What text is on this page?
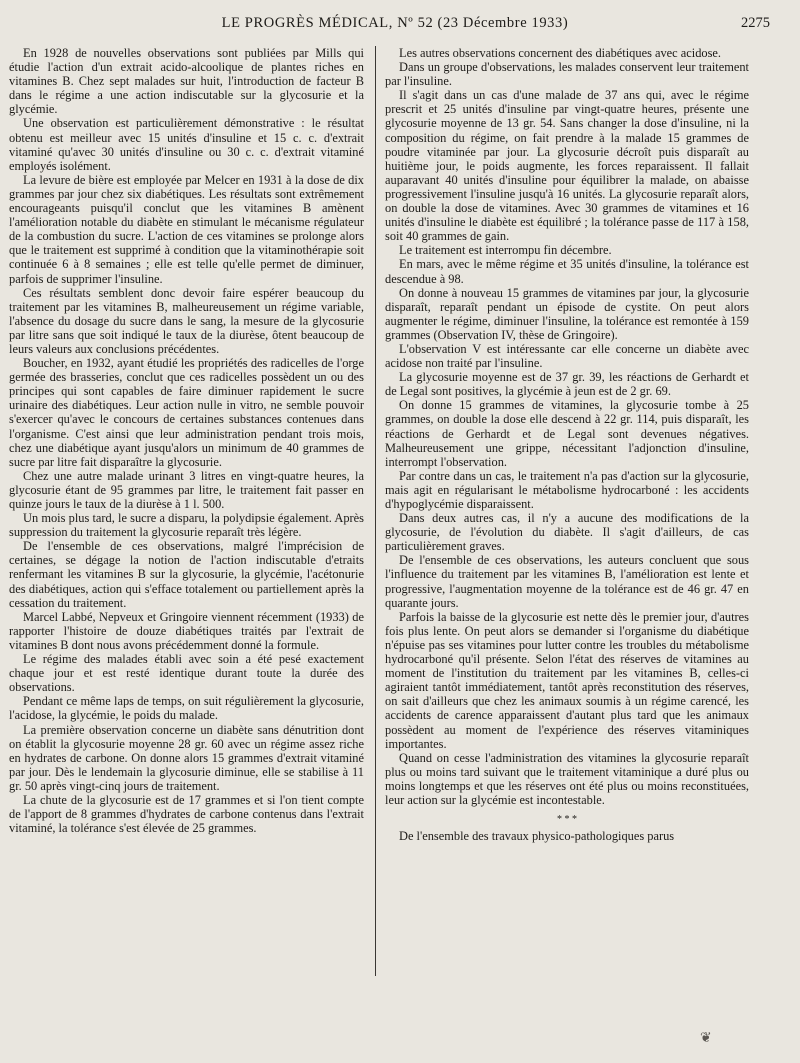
LE PROGRÈS MÉDICAL, Nº 52 (23 Décembre 1933)	2275

En 1928 de nouvelles observations sont publiées par Mills qui étudie l'action d'un extrait acido-alcoolique de plantes riches en vitamines B. Chez sept malades sur huit, l'introduction de facteur B dans le régime a une action indiscutable sur la glycosurie et la glycémie.

Une observation est particulièrement démonstrative : le résultat obtenu est meilleur avec 15 unités d'insuline et 15 c. c. d'extrait vitaminé qu'avec 30 unités d'insuline ou 30 c. c. d'extrait vitaminé employés isolément.

La levure de bière est employée par Melcer en 1931 à la dose de dix grammes par jour chez six diabétiques. Les résultats sont extrêmement encourageants puisqu'il conclut que les vitamines B amènent l'amélioration notable du diabète en stimulant le mécanisme régulateur de la combustion du sucre. L'action de ces vitamines se prolonge alors que le traitement est supprimé à condition que la vitaminothérapie soit continuée 6 à 8 semaines ; elle est telle qu'elle permet de diminuer, parfois de supprimer l'insuline.

Ces résultats semblent donc devoir faire espérer beaucoup du traitement par les vitamines B, malheureusement un régime variable, l'absence du dosage du sucre dans le sang, la mesure de la glycosurie par litre sans que soit indiqué le taux de la diurèse, ôtent beaucoup de leurs valeurs aux conclusions précédentes.

Boucher, en 1932, ayant étudié les propriétés des radicelles de l'orge germée des brasseries, conclut que ces radicelles possèdent un ou des principes qui sont capables de faire diminuer rapidement le sucre urinaire des diabétiques. Leur action nulle in vitro, ne semble pouvoir s'exercer qu'avec le concours de certaines substances contenues dans l'organisme. C'est ainsi que leur administration pendant trois mois, chez une diabétique ayant jusqu'alors un minimum de 40 grammes de sucre par litre fait disparaître la glycosurie.

Chez une autre malade urinant 3 litres en vingt-quatre heures, la glycosurie étant de 95 grammes par litre, le traitement fait passer en quinze jours le taux de la diurèse à 1 l. 500.

Un mois plus tard, le sucre a disparu, la polydipsie également. Après suppression du traitement la glycosurie reparaît très légère.

De l'ensemble de ces observations, malgré l'imprécision de certaines, se dégage la notion de l'action indiscutable d'etraits renfermant les vitamines B sur la glycosurie, la glycémie, l'acétonurie des diabétiques, action qui s'efface totalement ou partiellement après la cessation du traitement.

Marcel Labbé, Nepveux et Gringoire viennent récemment (1933) de rapporter l'histoire de douze diabétiques traités par l'extrait de vitamines B dont nous avons précédemment donné la formule.

Le régime des malades établi avec soin a été pesé exactement chaque jour et est resté identique durant toute la durée des observations.

Pendant ce même laps de temps, on suit régulièrement la glycosurie, l'acidose, la glycémie, le poids du malade.

La première observation concerne un diabète sans dénutrition dont on établit la glycosurie moyenne 28 gr. 60 avec un régime assez riche en hydrates de carbone. On donne alors 15 grammes d'extrait vitaminé par jour. Dès le lendemain la glycosurie diminue, elle se stabilise à 11 gr. 50 après vingt-cinq jours de traitement.

La chute de la glycosurie est de 17 grammes et si l'on tient compte de l'apport de 8 grammes d'hydrates de carbone contenus dans l'extrait vitaminé, la tolérance s'est élevée de 25 grammes.

Les autres observations concernent des diabétiques avec acidose.

Dans un groupe d'observations, les malades conservent leur traitement par l'insuline.

Il s'agit dans un cas d'une malade de 37 ans qui, avec le régime prescrit et 25 unités d'insuline par vingt-quatre heures, présente une glycosurie moyenne de 13 gr. 54. Sans changer la dose d'insuline, ni la composition du régime, on fait prendre à la malade 15 grammes de poudre vitaminée par jour. La glycosurie décroît puis disparaît au huitième jour, le poids augmente, les forces reparaissent. Il fallait auparavant 40 unités d'insuline pour équilibrer la malade, on abaisse progressivement l'insuline jusqu'à 16 unités. La glycosurie reparaît alors, on double la dose de vitamines. Avec 30 grammes de vitamines et 16 unités d'insuline le diabète est équilibré ; la tolérance passe de 117 à 158, soit 40 grammes de gain.

Le traitement est interrompu fin décembre.

En mars, avec le même régime et 35 unités d'insuline, la tolérance est descendue à 98.

On donne à nouveau 15 grammes de vitamines par jour, la glycosurie disparaît, reparaît pendant un épisode de cystite. On peut alors augmenter le régime, diminuer l'insuline, la tolérance est remontée à 159 grammes (Observation IV, thèse de Gringoire).

L'observation V est intéressante car elle concerne un diabète avec acidose non traité par l'insuline.

La glycosurie moyenne est de 37 gr. 39, les réactions de Gerhardt et de Legal sont positives, la glycémie à jeun est de 2 gr. 69.

On donne 15 grammes de vitamines, la glycosurie tombe à 25 grammes, on double la dose elle descend à 22 gr. 114, puis disparaît, les réactions de Gerhardt et de Legal sont devenues négatives. Malheureusement une grippe, nécessitant l'adjonction d'insuline, interrompt l'observation.

Par contre dans un cas, le traitement n'a pas d'action sur la glycosurie, mais agit en régularisant le métabolisme hydrocarboné : les accidents d'hypoglycémie disparaissent.

Dans deux autres cas, il n'y a aucune des modifications de la glycosurie, de l'évolution du diabète. Il s'agit d'ailleurs, de cas particulièrement graves.

De l'ensemble de ces observations, les auteurs concluent que sous l'influence du traitement par les vitamines B, l'amélioration est lente et progressive, l'augmentation moyenne de la tolérance est de 46 gr. 47 en quarante jours.

Parfois la baisse de la glycosurie est nette dès le premier jour, d'autres fois plus lente. On peut alors se demander si l'organisme du diabétique n'épuise pas ses vitamines pour lutter contre les troubles du métabolisme hydrocarboné qu'il présente. Selon l'état des réserves de vitamines au moment de l'institution du traitement par les vitamines B, celles-ci agiraient tantôt immédiatement, tantôt après reconstitution des réserves, on sait d'ailleurs que chez les animaux soumis à un régime carencé, les accidents de carence apparaissent d'autant plus tard que les animaux possèdent au moment de l'expérience des réserves vitaminiques importantes.

Quand on cesse l'administration des vitamines la glycosurie reparaît plus ou moins tard suivant que le traitement vitaminique a duré plus ou moins longtemps et que les réserves ont été plus ou moins reconstituées, leur action sur la glycémie est incontestable.

* * *

De l'ensemble des travaux physico-pathologiques parus

❦
